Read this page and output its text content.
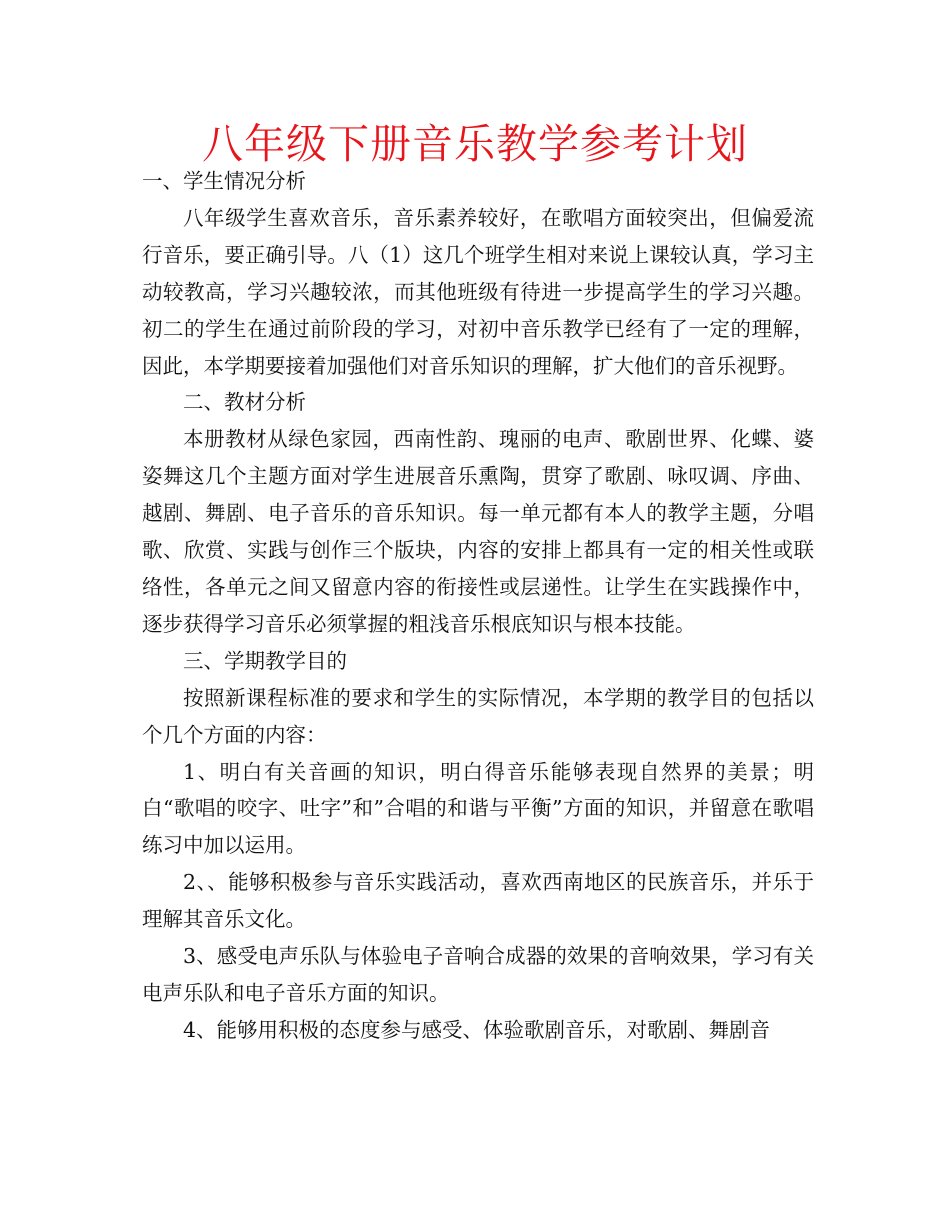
八年级下册音乐教学参考计划

一、学生情况分析

八年级学生喜欢音乐，音乐素养较好，在歌唱方面较突出，但偏爱流行音乐，要正确引导。八（1）这几个班学生相对来说上课较认真，学习主动较教高，学习兴趣较浓，而其他班级有待进一步提高学生的学习兴趣。初二的学生在通过前阶段的学习，对初中音乐教学已经有了一定的理解，因此，本学期要接着加强他们对音乐知识的理解，扩大他们的音乐视野。

二、教材分析

本册教材从绿色家园，西南性韵、瑰丽的电声、歌剧世界、化蝶、婆姿舞这几个主题方面对学生进展音乐熏陶，贯穿了歌剧、咏叹调、序曲、越剧、舞剧、电子音乐的音乐知识。每一单元都有本人的教学主题，分唱歌、欣赏、实践与创作三个版块，内容的安排上都具有一定的相关性或联络性，各单元之间又留意内容的衔接性或层递性。让学生在实践操作中，逐步获得学习音乐必须掌握的粗浅音乐根底知识与根本技能。

三、学期教学目的

按照新课程标准的要求和学生的实际情况，本学期的教学目的包括以个几个方面的内容：

1、明白有关音画的知识，明白得音乐能够表现自然界的美景；明白“歌唱的咬字、吐字”和”合唱的和谐与平衡”方面的知识，并留意在歌唱练习中加以运用。

2、、能够积极参与音乐实践活动，喜欢西南地区的民族音乐，并乐于理解其音乐文化。

3、感受电声乐队与体验电子音响合成器的效果的音响效果，学习有关电声乐队和电子音乐方面的知识。

4、能够用积极的态度参与感受、体验歌剧音乐，对歌剧、舞剧音
